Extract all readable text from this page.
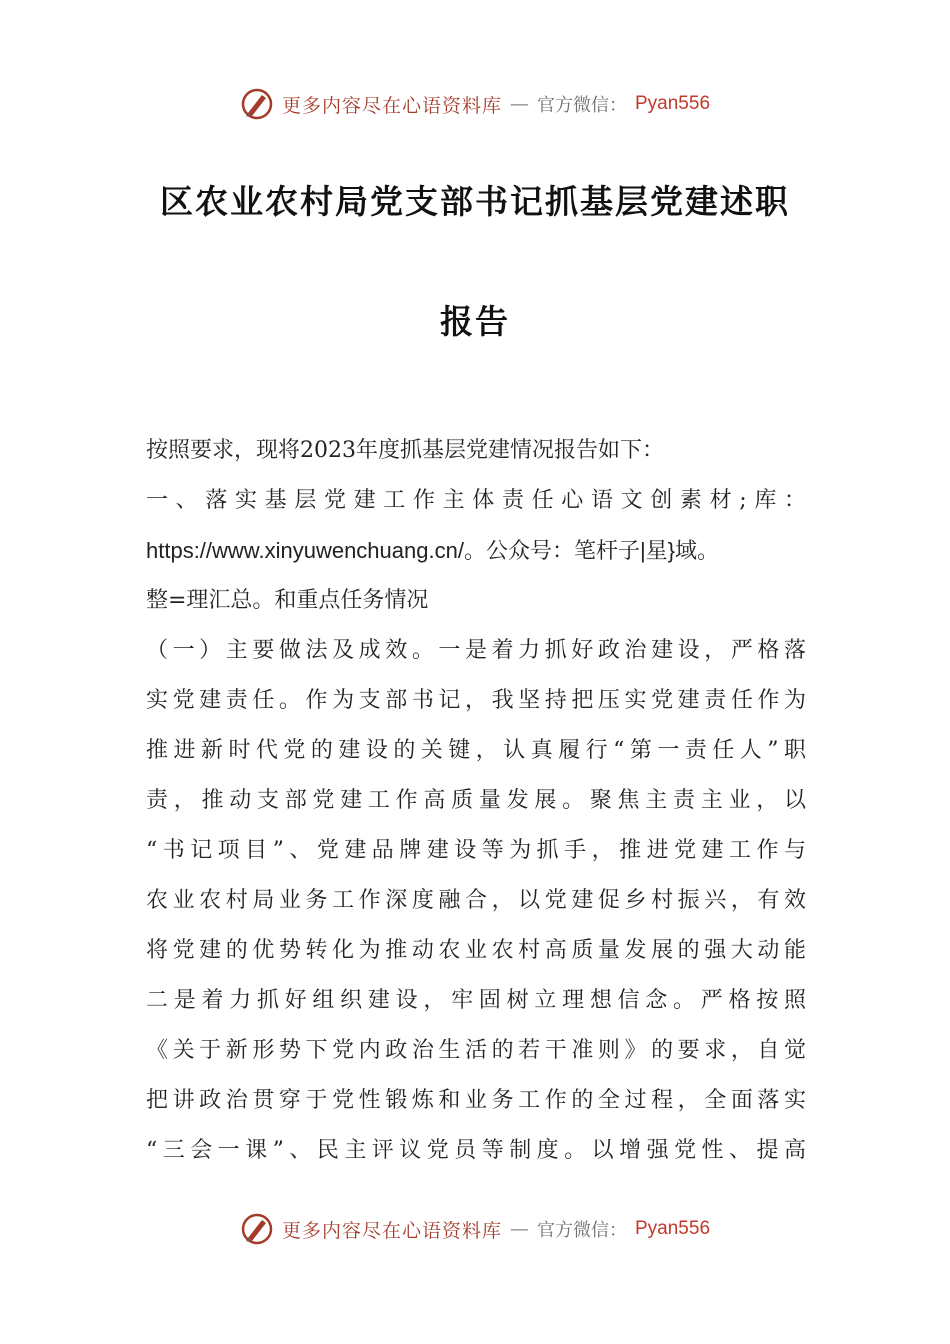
更多内容尽在心语资料库 — 官方微信： Pyan556
区农业农村局党支部书记抓基层党建述职
报告
按照要求，现将2023年度抓基层党建情况报告如下：
一、落实基层党建工作主体责任心语文创素材;库：
https://www.xinyuwenchuang.cn/。公众号：笔杆子|星}域。
整=理汇总。和重点任务情况
（一）主要做法及成效。一是着力抓好政治建设，严格落
实党建责任。作为支部书记，我坚持把压实党建责任作为
推进新时代党的建设的关键，认真履行“第一责任人”职
责，推动支部党建工作高质量发展。聚焦主责主业，以
“书记项目”、党建品牌建设等为抓手，推进党建工作与
农业农村局业务工作深度融合，以党建促乡村振兴，有效
将党建的优势转化为推动农业农村高质量发展的强大动能
二是着力抓好组织建设，牢固树立理想信念。严格按照
《关于新形势下党内政治生活的若干准则》的要求，自觉
把讲政治贯穿于党性锻炼和业务工作的全过程，全面落实
“三会一课”、民主评议党员等制度。以增强党性、提高
更多内容尽在心语资料库 — 官方微信： Pyan556
